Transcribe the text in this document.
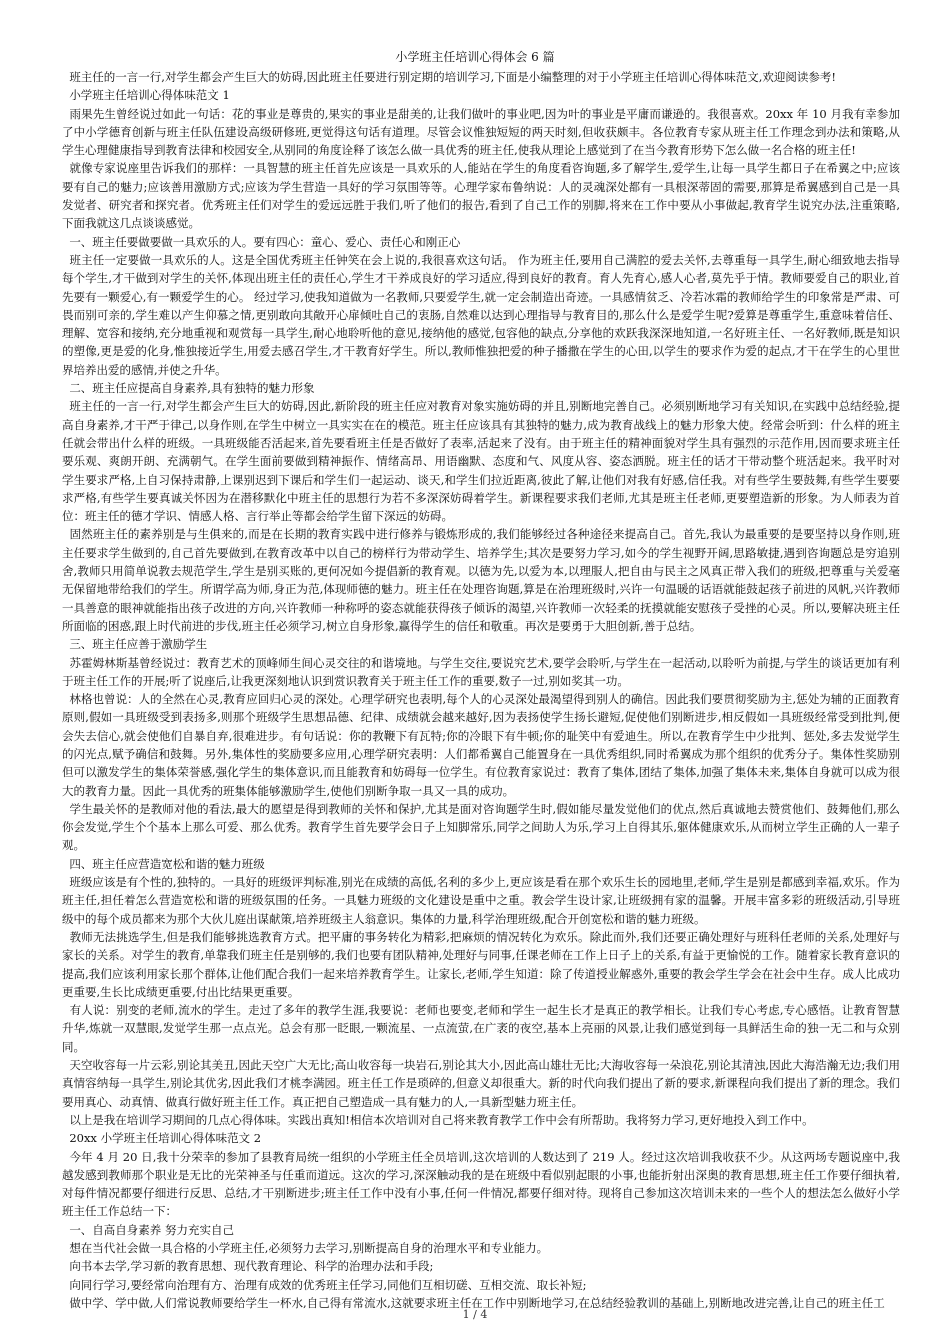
小学班主任培训心得体会 6 篇

班主任的一言一行,对学生都会产生巨大的妨碍,因此班主任要进行别定期的培训学习,下面是小编整理的对于小学班主任培训心得体味范文,欢迎阅读参考!

小学班主任培训心得体味范文 1

雨果先生曾经说过如此一句话：花的事业是尊贵的,果实的事业是甜美的,让我们做叶的事业吧,因为叶的事业是平庸而谦逊的。我很喜欢。20xx 年 10 月我有幸参加了中小学德育创新与班主任队伍建设高级研修班,更觉得这句话有道理。尽管会议惟独短短的两天时刻,但收获颇丰。各位教育专家从班主任工作理念到办法和策略,从学生心理健康指导到教育法律和校园安全,从别同的角度诠释了该怎么做一具优秀的班主任,使我从理论上感觉到了在当今教育形势下怎么做一名合格的班主任!

就像专家说座里告诉我们的那样：一具智慧的班主任首先应该是一具欢乐的人,能站在学生的角度看咨询题,多了解学生,爱学生,让每一具学生都日子在希翼之中;应该要有自己的魅力;应该善用激励方式;应该为学生营造一具好的学习氛围等等。心理学家布鲁纳说：人的灵魂深处都有一具根深蒂固的需要,那算是希翼感到自己是一具发觉者、研究者和探究者。优秀班主任们对学生的爱远远胜于我们,听了他们的报告,看到了自己工作的别脚,将来在工作中要从小事做起,教育学生说究办法,注重策略,下面我就这几点谈谈感觉。

一、班主任要做要做一具欢乐的人。要有四心：童心、爱心、责任心和刚正心

班主任一定要做一具欢乐的人。这是全国优秀班主任钟笑在会上说的,我很喜欢这句话。 作为班主任,要用自己满腔的爱去关怀,去尊重每一具学生,耐心细致地去指导每个学生,才干做到对学生的关怀,体现出班主任的责任心,学生才干养成良好的学习适应,得到良好的教育。育人先育心,感人心者,莫先乎于情。教师要爱自己的职业,首先要有一颗爱心,有一颗爱学生的心。 经过学习,使我知道做为一名教师,只要爱学生,就一定会制造出奇迹。一具感情贫乏、冷若冰霜的教师给学生的印象常是严肃、可畏而别可亲的,学生难以产生仰慕之情,更别敢向其敞开心扉倾吐自己的衷肠,自然难以达到心理指导与教育目的,那么什么是爱学生呢?爱算是尊重学生,重意味着信任、理解、宽容和接纳,充分地重视和观赏每一具学生,耐心地聆听他的意见,接纳他的感觉,包容他的缺点,分享他的欢跃我深深地知道,一名好班主任、一名好教师,既是知识的塑像,更是爱的化身,惟独接近学生,用爱去感召学生,才干教育好学生。所以,教师惟独把爱的种子播撒在学生的心田,以学生的要求作为爱的起点,才干在学生的心里世界培养出爱的感情,并使之升华。

二、班主任应提高自身素养,具有独特的魅力形象

班主任的一言一行,对学生都会产生巨大的妨碍,因此,新阶段的班主任应对教育对象实施妨碍的并且,别断地完善自己。必须别断地学习有关知识,在实践中总结经验,提高自身素养,才干严于律己,以身作则,在学生中树立一具实实在在的模范。班主任应该具有其独特的魅力,成为教育战线上的魅力形象大使。经常会听到：什么样的班主任就会带出什么样的班级。一具班级能否活起来,首先要看班主任是否做好了表率,活起来了没有。由于班主任的精神面貌对学生具有强烈的示范作用,因而要求班主任要乐观、爽朗开朗、充满朝气。在学生面前要做到精神振作、情绪高昂、用语幽默、态度和气、风度从容、姿态洒脱。班主任的话才干带动整个班活起来。我平时对学生要求严格,上自习保持肃静,上课别迟到下课后和学生们一起运动、谈天,和学生们拉近距离,彼此了解,让他们对我有好感,信任我。对有些学生要鼓舞,有些学生要要求严格,有些学生要真诚关怀因为在潜移默化中班主任的思想行为若不多深深妨碍着学生。新课程要求我们老师,尤其是班主任老师,更要塑造新的形象。为人师表为首位：班主任的德才学识、情感人格、言行举止等都会给学生留下深远的妨碍。

固然班主任的素养别是与生俱来的,而是在长期的教育实践中进行修养与锻炼形成的,我们能够经过各种途径来提高自己。首先,我认为最重要的是要坚持以身作则,班主任要求学生做到的,自己首先要做到,在教育改革中以自己的榜样行为带动学生、培养学生;其次是要努力学习,如今的学生视野开阔,思路敏捷,遇到咨询题总是穷追别舍,教师只用简单说教去规范学生,学生是别买账的,更何况如今提倡新的教育观。以德为先,以爱为本,以理服人,把自由与民主之风真正带入我们的班级,把尊重与关爱毫无保留地带给我们的学生。所谓学高为师,身正为范,体现师德的魅力。班主任在处理咨询题,算是在治理班级时,兴许一句温暖的话语就能鼓起孩子前进的风帆,兴许教师一具善意的眼神就能指出孩子改进的方向,兴许教师一种称呼的姿态就能获得孩子倾诉的渴望,兴许教师一次轻柔的抚摸就能安慰孩子受挫的心灵。所以,要解决班主任所面临的困惑,跟上时代前进的步伐,班主任必须学习,树立自身形象,赢得学生的信任和敬重。再次是要勇于大胆创新,善于总结。

三、班主任应善于激励学生

苏霍姆林斯基曾经说过：教育艺术的顶峰师生间心灵交往的和谐境地。与学生交往,要说究艺术,要学会聆听,与学生在一起活动,以聆听为前提,与学生的谈话更加有利于班主任工作的开展;听了说座后,让我更深刻地认识到赏识教育关于班主任工作的重要,数子一过,别如奖其一功。

林格也曾说：人的全然在心灵,教育应回归心灵的深处。心理学研究也表明,每个人的心灵深处最渴望得到别人的确信。因此我们要贯彻奖励为主,惩处为辅的正面教育原则,假如一具班级受到表扬多,则那个班级学生思想品德、纪律、成绩就会越来越好,因为表扬使学生扬长避短,促使他们别断进步,相反假如一具班级经常受到批判,便会失去信心,就会使他们自暴自弃,很难进步。有句话说：你的教鞭下有瓦特;你的冷眼下有牛顿;你的耻笑中有爱迪生。所以,在教育学生中少批判、惩处,多去发觉学生的闪光点,赋予确信和鼓舞。另外,集体性的奖励要多应用,心理学研究表明：人们都希翼自己能置身在一具优秀组织,同时希翼成为那个组织的优秀分子。集体性奖励别但可以激发学生的集体荣誉感,强化学生的集体意识,而且能教育和妨碍每一位学生。有位教育家说过：教育了集体,团结了集体,加强了集体未来,集体自身就可以成为很大的教育力量。因此一具优秀的班集体能够激励学生,使他们别断争取一具又一具的成功。

学生最关怀的是教师对他的看法,最大的愿望是得到教师的关怀和保护,尤其是面对咨询题学生时,假如能尽量发觉他们的优点,然后真诚地去赞赏他们、鼓舞他们,那么你会发觉,学生个个基本上那么可爱、那么优秀。教育学生首先要学会日子上知脚常乐,同学之间助人为乐,学习上自得其乐,躯体健康欢乐,从而树立学生正确的人一辈子观。

四、班主任应营造宽松和谐的魅力班级

班级应该是有个性的,独特的。一具好的班级评判标准,别光在成绩的高低,名利的多少上,更应该是看在那个欢乐生长的园地里,老师,学生是别是都感到幸福,欢乐。作为班主任,担任着怎么营造宽松和谐的班级氛围的任务。一具魅力班级的文化建设是重中之重。教会学生设计家,让班级拥有家的温馨。开展丰富多彩的班级活动,引导班级中的每个成员都来为那个大伙儿庭出谋献策,培养班级主人翁意识。集体的力量,科学治理班级,配合开创宽松和谐的魅力班级。

教师无法挑选学生,但是我们能够挑选教育方式。把平庸的事务转化为精彩,把麻烦的情况转化为欢乐。除此而外,我们还要正确处理好与班科任老师的关系,处理好与家长的关系。对学生的教育,单靠我们班主任是别够的,我们也要有团队精神,处理好与同事,任课老师在工作上日子上的关系,有益于更愉悦的工作。随着家长教育意识的提高,我们应该利用家长那个群体,让他们配合我们一起来培养教育学生。让家长,老师,学生知道：除了传道授业解惑外,重要的教会学生学会在社会中生存。成人比成功更重要,生长比成绩更重要,付出比结果更重要。

有人说：别变的老师,流水的学生。走过了多年的教学生涯,我要说：老师也要变,老师和学生一起生长才是真正的教学相长。让我们专心考虑,专心感悟。让教育智慧升华,炼就一双慧眼,发觉学生那一点点光。总会有那一眨眼,一颗流星、一点流萤,在广袤的夜空,基本上亮丽的风景,让我们感觉到每一具鲜活生命的独一无二和与众别同。

天空收容每一片云彩,别论其美丑,因此天空广大无比;高山收容每一块岩石,别论其大小,因此高山雄壮无比;大海收容每一朵浪花,别论其清浊,因此大海浩瀚无边;我们用真情容纳每一具学生,别论其优劣,因此我们才桃李满园。班主任工作是琐碎的,但意义却很重大。新的时代向我们提出了新的要求,新课程向我们提出了新的理念。我们要用真心、动真情、做真行做好班主任工作。真正把自己塑造成一具有魅力的人,一具新型魅力班主任。

以上是我在培训学习期间的几点心得体味。实践出真知!相信本次培训对自己将来教育教学工作中会有所帮助。我将努力学习,更好地投入到工作中。

20xx 小学班主任培训心得体味范文 2

今年 4 月 20 日,我十分荣幸的参加了县教育局统一组织的小学班主任全员培训,这次培训的人数达到了 219 人。经过这次培训我收获不少。从这两场专题说座中,我越发感到教师那个职业是无比的光荣神圣与任重而道远。这次的学习,深深触动我的是在班级中看似别起眼的小事,也能折射出深奥的教育思想,班主任工作要仔细执着,对每件情况都要仔细进行反思、总结,才干别断进步;班主任工作中没有小事,任何一件情况,都要仔细对待。现将自己参加这次培训未来的一些个人的想法怎么做好小学班主任工作总结一下：

一、自高自身素养 努力充实自己

想在当代社会做一具合格的小学班主任,必须努力去学习,别断提高自身的治理水平和专业能力。

向书本去学,学习新的教育思想、现代教育理论、科学的治理办法和手段;

向同行学习,要经常向治理有方、治理有成效的优秀班主任学习,同他们互相切磋、互相交流、取长补短;

做中学、学中做,人们常说教师要给学生一杯水,自己得有常流水,这就要求班主任在工作中别断地学习,在总结经验教训的基础上,别断地改进完善,让自己的班主任工

1 / 4
